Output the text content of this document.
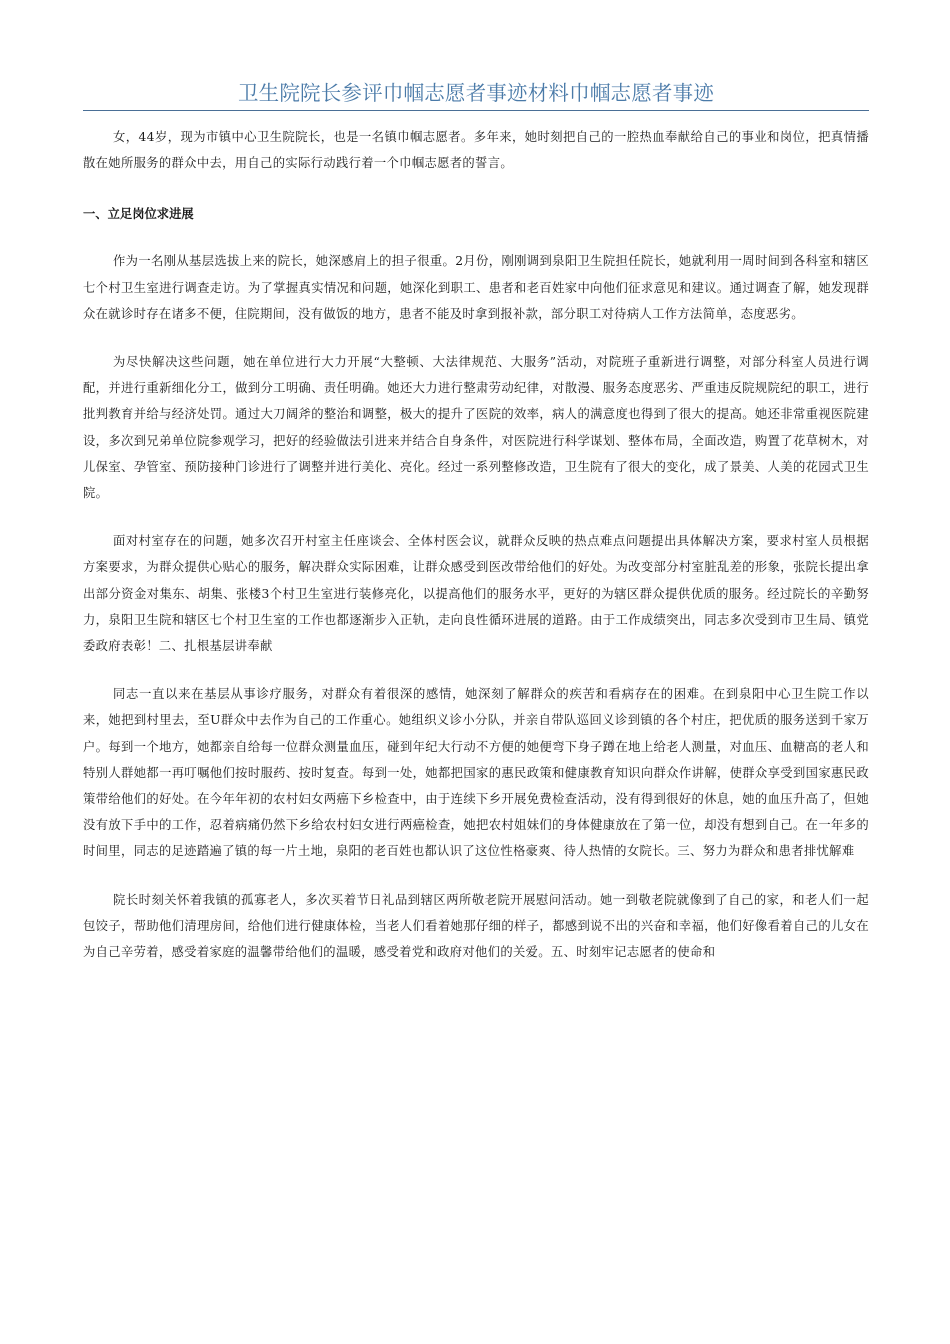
卫生院院长参评巾帼志愿者事迹材料巾帼志愿者事迹

女，44岁，现为市镇中心卫生院院长，也是一名镇巾帼志愿者。多年来，她时刻把自己的一腔热血奉献给自己的事业和岗位，把真情播散在她所服务的群众中去，用自己的实际行动践行着一个巾帼志愿者的誓言。

一、立足岗位求进展

作为一名刚从基层选拔上来的院长，她深感肩上的担子很重。2月份，刚刚调到泉阳卫生院担任院长，她就利用一周时间到各科室和辖区七个村卫生室进行调查走访。为了掌握真实情况和问题，她深化到职工、患者和老百姓家中向他们征求意见和建议。通过调查了解，她发现群众在就诊时存在诸多不便，住院期间，没有做饭的地方，患者不能及时拿到报补款，部分职工对待病人工作方法简单，态度恶劣。

为尽快解决这些问题，她在单位进行大力开展“大整顿、大法律规范、大服务”活动，对院班子重新进行调整，对部分科室人员进行调配，并进行重新细化分工，做到分工明确、责任明确。她还大力进行整肃劳动纪律，对散漫、服务态度恶劣、严重违反院规院纪的职工，进行批判教育并给与经济处罚。通过大刀阔斧的整治和调整，极大的提升了医院的效率，病人的满意度也得到了很大的提高。她还非常重视医院建设，多次到兄弟单位院参观学习，把好的经验做法引进来并结合自身条件，对医院进行科学谋划、整体布局，全面改造，购置了花草树木，对儿保室、孕管室、预防接种门诊进行了调整并进行美化、亮化。经过一系列整修改造，卫生院有了很大的变化，成了景美、人美的花园式卫生院。

面对村室存在的问题，她多次召开村室主任座谈会、全体村医会议，就群众反映的热点难点问题提出具体解决方案，要求村室人员根据方案要求，为群众提供心贴心的服务，解决群众实际困难，让群众感受到医改带给他们的好处。为改变部分村室脏乱差的形象，张院长提出拿出部分资金对集东、胡集、张楼3个村卫生室进行装修亮化，以提高他们的服务水平，更好的为辖区群众提供优质的服务。经过院长的辛勤努力，泉阳卫生院和辖区七个村卫生室的工作也都逐渐步入正轨，走向良性循环进展的道路。由于工作成绩突出，同志多次受到市卫生局、镇党委政府表彰！二、扎根基层讲奉献

同志一直以来在基层从事诊疗服务，对群众有着很深的感情，她深刻了解群众的疾苦和看病存在的困难。在到泉阳中心卫生院工作以来，她把到村里去，至U群众中去作为自己的工作重心。她组织义诊小分队，并亲自带队巡回义诊到镇的各个村庄，把优质的服务送到千家万户。每到一个地方，她都亲自给每一位群众测量血压，碰到年纪大行动不方便的她便弯下身子蹲在地上给老人测量，对血压、血糖高的老人和特别人群她都一再叮嘱他们按时服药、按时复查。每到一处，她都把国家的惠民政策和健康教育知识向群众作讲解，使群众享受到国家惠民政策带给他们的好处。在今年年初的农村妇女两癌下乡检查中，由于连续下乡开展免费检查活动，没有得到很好的休息，她的血压升高了，但她没有放下手中的工作，忍着病痛仍然下乡给农村妇女进行两癌检查，她把农村姐妹们的身体健康放在了第一位，却没有想到自己。在一年多的时间里，同志的足迹踏遍了镇的每一片土地，泉阳的老百姓也都认识了这位性格豪爽、待人热情的女院长。三、努力为群众和患者排忧解难

院长时刻关怀着我镇的孤寡老人，多次买着节日礼品到辖区两所敬老院开展慰问活动。她一到敬老院就像到了自己的家，和老人们一起包饺子，帮助他们清理房间，给他们进行健康体检，当老人们看着她那仔细的样子，都感到说不出的兴奋和幸福，他们好像看着自己的儿女在为自己辛劳着，感受着家庭的温馨带给他们的温暖，感受着党和政府对他们的关爱。五、时刻牢记志愿者的使命和
